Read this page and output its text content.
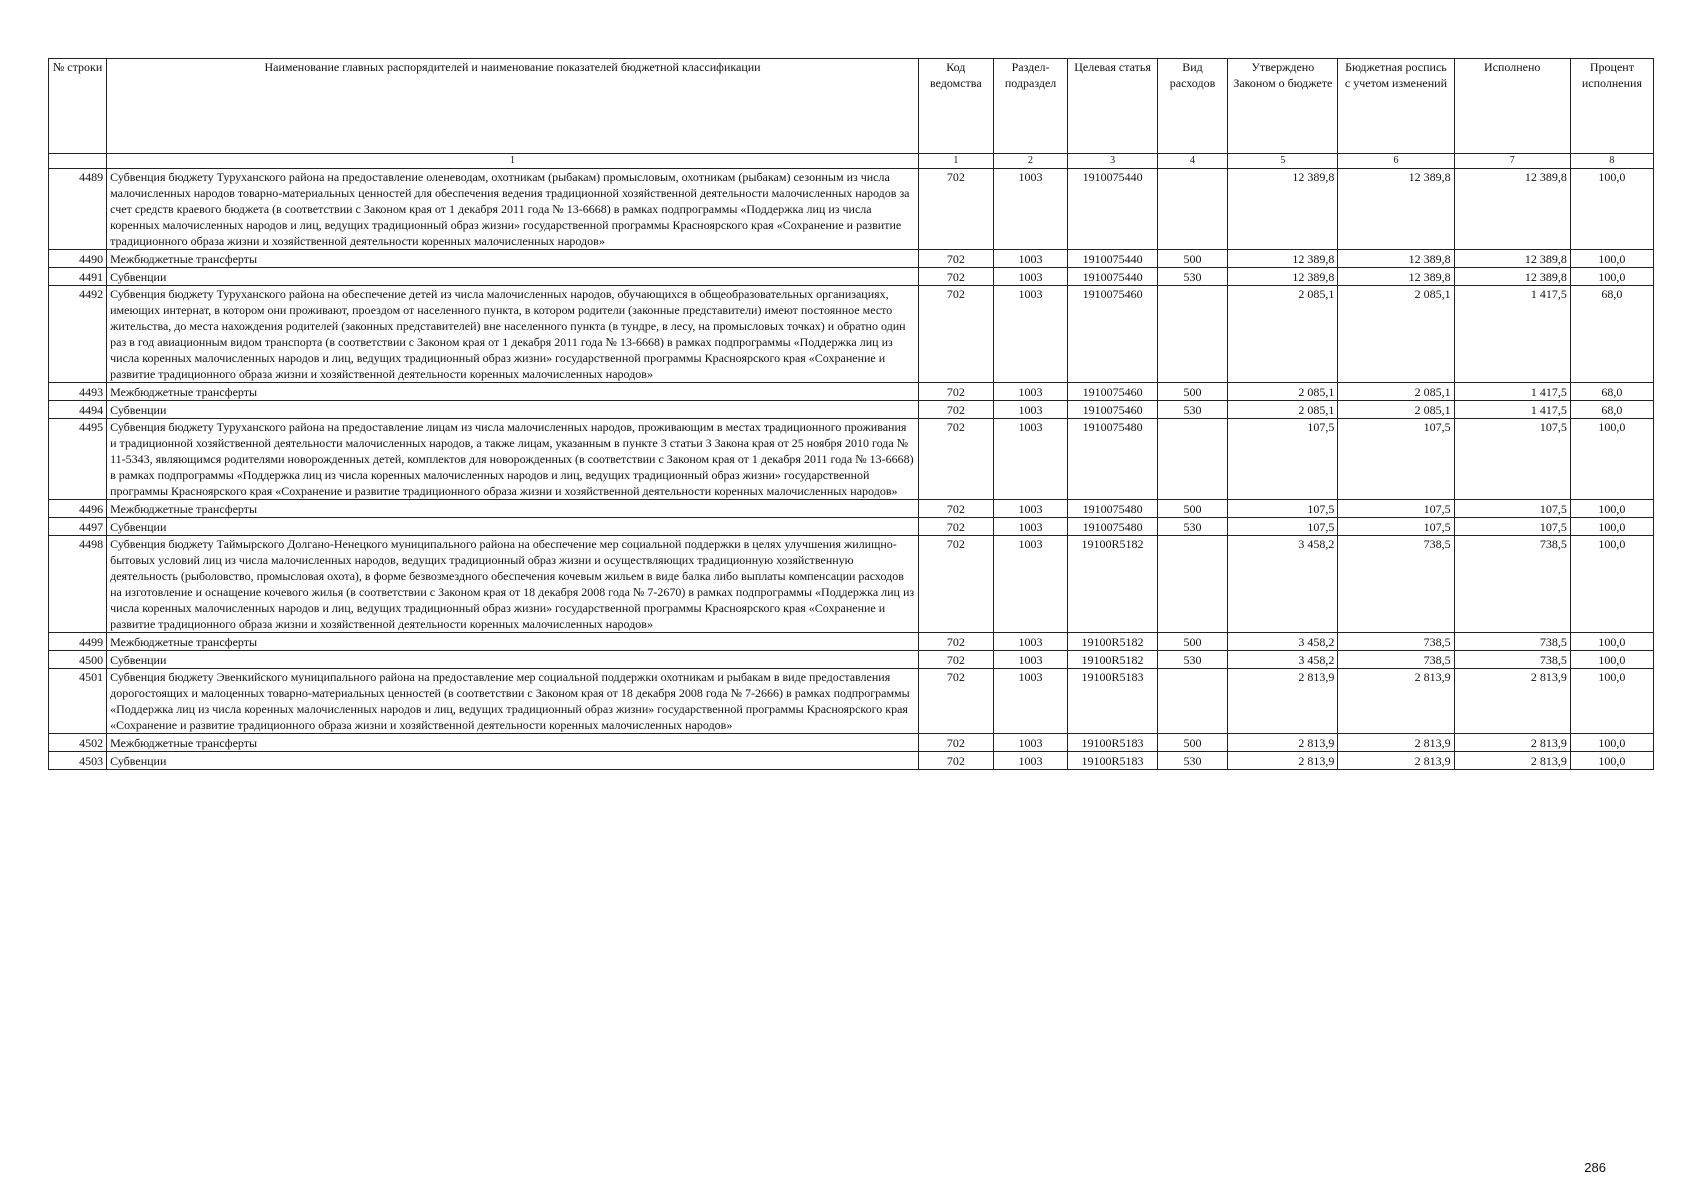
№ строки	Наименование главных распорядителей и наименование показателей бюджетной классификации	Код ведомства	Раздел-подраздел	Целевая статья	Вид расходов	Утверждено Законом о бюджете	Бюджетная роспись с учетом изменений	Исполнено	Процент исполнения
	1	1	2	3	4	5	6	7	8
4489	Субвенция бюджету Туруханского района на предоставление оленеводам, охотникам (рыбакам) промысловым, охотникам (рыбакам) сезонным из числа малочисленных народов товарно-материальных ценностей для обеспечения ведения традиционной хозяйственной деятельности малочисленных народов за счет средств краевого бюджета (в соответствии с Законом края от 1 декабря 2011 года № 13-6668) в рамках подпрограммы «Поддержка лиц из числа коренных малочисленных народов и лиц, ведущих традиционный образ жизни» государственной программы Красноярского края «Сохранение и развитие традиционного образа жизни и хозяйственной деятельности коренных малочисленных народов»	702	1003	1910075440		12 389,8	12 389,8	12 389,8	100,0
4490	Межбюджетные трансферты	702	1003	1910075440	500	12 389,8	12 389,8	12 389,8	100,0
4491	Субвенции	702	1003	1910075440	530	12 389,8	12 389,8	12 389,8	100,0
4492	Субвенция бюджету Туруханского района на обеспечение детей из числа малочисленных народов, обучающихся в общеобразовательных организациях, имеющих интернат, в котором они проживают, проездом от населенного пункта, в котором родители (законные представители) имеют постоянное место жительства, до места нахождения родителей (законных представителей) вне населенного пункта (в тундре, в лесу, на промысловых точках) и обратно один раз в год авиационным видом транспорта (в соответствии с Законом края от 1 декабря 2011 года № 13-6668) в рамках подпрограммы «Поддержка лиц из числа коренных малочисленных народов и лиц, ведущих традиционный образ жизни» государственной программы Красноярского края «Сохранение и развитие традиционного образа жизни и хозяйственной деятельности коренных малочисленных народов»	702	1003	1910075460		2 085,1	2 085,1	1 417,5	68,0
4493	Межбюджетные трансферты	702	1003	1910075460	500	2 085,1	2 085,1	1 417,5	68,0
4494	Субвенции	702	1003	1910075460	530	2 085,1	2 085,1	1 417,5	68,0
4495	Субвенция бюджету Туруханского района на предоставление лицам из числа малочисленных народов, проживающим в местах традиционного проживания и традиционной хозяйственной деятельности малочисленных народов, а также лицам, указанным в пункте 3 статьи 3 Закона края от 25 ноября 2010 года № 11-5343, являющимся родителями новорожденных детей, комплектов для новорожденных (в соответствии с Законом края от 1 декабря 2011 года № 13-6668) в рамках подпрограммы «Поддержка лиц из числа коренных малочисленных народов и лиц, ведущих традиционный образ жизни» государственной программы Красноярского края «Сохранение и развитие традиционного образа жизни и хозяйственной деятельности коренных малочисленных народов»	702	1003	1910075480		107,5	107,5	107,5	100,0
4496	Межбюджетные трансферты	702	1003	1910075480	500	107,5	107,5	107,5	100,0
4497	Субвенции	702	1003	1910075480	530	107,5	107,5	107,5	100,0
4498	Субвенция бюджету Таймырского Долгано-Ненецкого муниципального района на обеспечение мер социальной поддержки в целях улучшения жилищно-бытовых условий лиц из числа малочисленных народов, ведущих традиционный образ жизни и осуществляющих традиционную хозяйственную деятельность (рыболовство, промысловая охота), в форме безвозмездного обеспечения кочевым жильем в виде балка либо выплаты компенсации расходов на изготовление и оснащение кочевого жилья (в соответствии с Законом края от 18 декабря 2008 года № 7-2670) в рамках подпрограммы «Поддержка лиц из числа коренных малочисленных народов и лиц, ведущих традиционный образ жизни» государственной программы Красноярского края «Сохранение и развитие традиционного образа жизни и хозяйственной деятельности коренных малочисленных народов»	702	1003	19100R5182		3 458,2	738,5	738,5	100,0
4499	Межбюджетные трансферты	702	1003	19100R5182	500	3 458,2	738,5	738,5	100,0
4500	Субвенции	702	1003	19100R5182	530	3 458,2	738,5	738,5	100,0
4501	Субвенция бюджету Эвенкийского муниципального района на предоставление мер социальной поддержки охотникам и рыбакам в виде предоставления дорогостоящих и малоценных товарно-материальных ценностей (в соответствии с Законом края от 18 декабря 2008 года № 7-2666) в рамках подпрограммы «Поддержка лиц из числа коренных малочисленных народов и лиц, ведущих традиционный образ жизни» государственной программы Красноярского края «Сохранение и развитие традиционного образа жизни и хозяйственной деятельности коренных малочисленных народов»	702	1003	19100R5183		2 813,9	2 813,9	2 813,9	100,0
4502	Межбюджетные трансферты	702	1003	19100R5183	500	2 813,9	2 813,9	2 813,9	100,0
4503	Субвенции	702	1003	19100R5183	530	2 813,9	2 813,9	2 813,9	100,0
286
